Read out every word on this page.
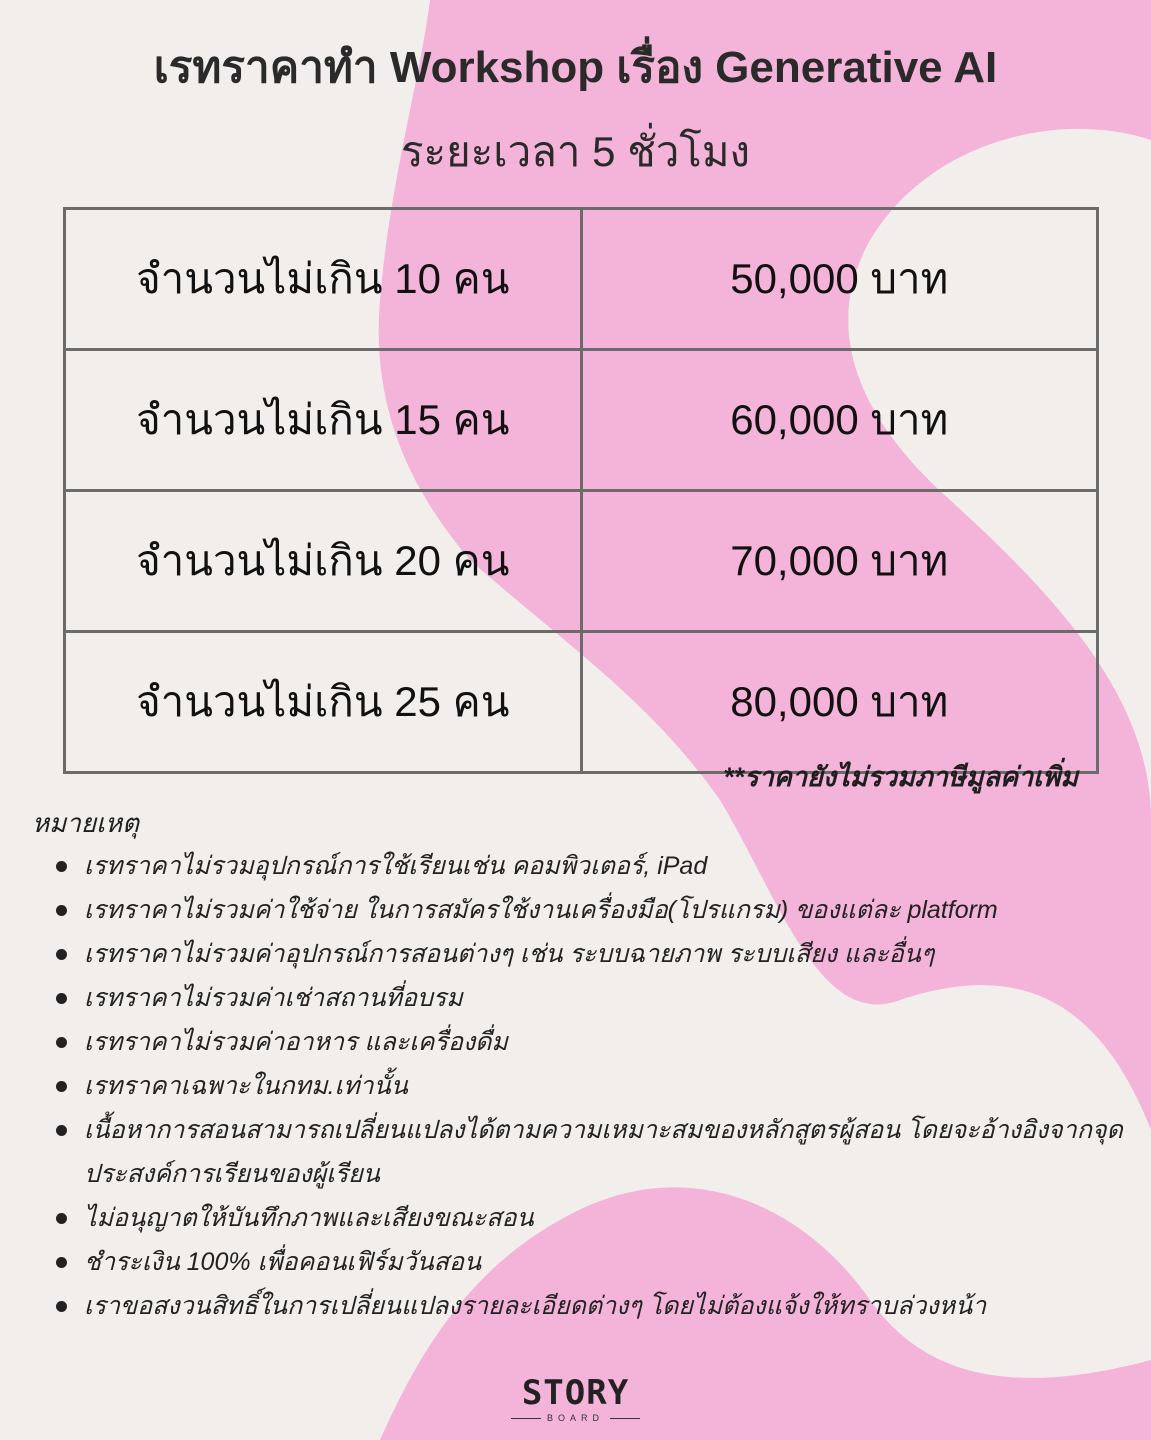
เรทราคาทำ Workshop เรื่อง Generative AI
ระยะเวลา 5 ชั่วโมง
จำนวนไม่เกิน 10 คน	50,000 บาท
จำนวนไม่เกิน 15 คน	60,000 บาท
จำนวนไม่เกิน 20 คน	70,000 บาท
จำนวนไม่เกิน 25 คน	80,000 บาท
**ราคายังไม่รวมภาษีมูลค่าเพิ่ม
หมายเหตุ
เรทราคาไม่รวมอุปกรณ์การใช้เรียนเช่น คอมพิวเตอร์, iPad
เรทราคาไม่รวมค่าใช้จ่าย ในการสมัครใช้งานเครื่องมือ(โปรแกรม) ของแต่ละ platform
เรทราคาไม่รวมค่าอุปกรณ์การสอนต่างๆ เช่น ระบบฉายภาพ ระบบเสียง และอื่นๆ
เรทราคาไม่รวมค่าเช่าสถานที่อบรม
เรทราคาไม่รวมค่าอาหาร และเครื่องดื่ม
เรทราคาเฉพาะในกทม.เท่านั้น
เนื้อหาการสอนสามารถเปลี่ยนแปลงได้ตามความเหมาะสมของหลักสูตรผู้สอน โดยจะอ้างอิงจากจุดประสงค์การเรียนของผู้เรียน
ไม่อนุญาตให้บันทึกภาพและเสียงขณะสอน
ชำระเงิน 100% เพื่อคอนเฟิร์มวันสอน
เราขอสงวนสิทธิ์ในการเปลี่ยนแปลงรายละเอียดต่างๆ โดยไม่ต้องแจ้งให้ทราบล่วงหน้า
STORY
BOARD
